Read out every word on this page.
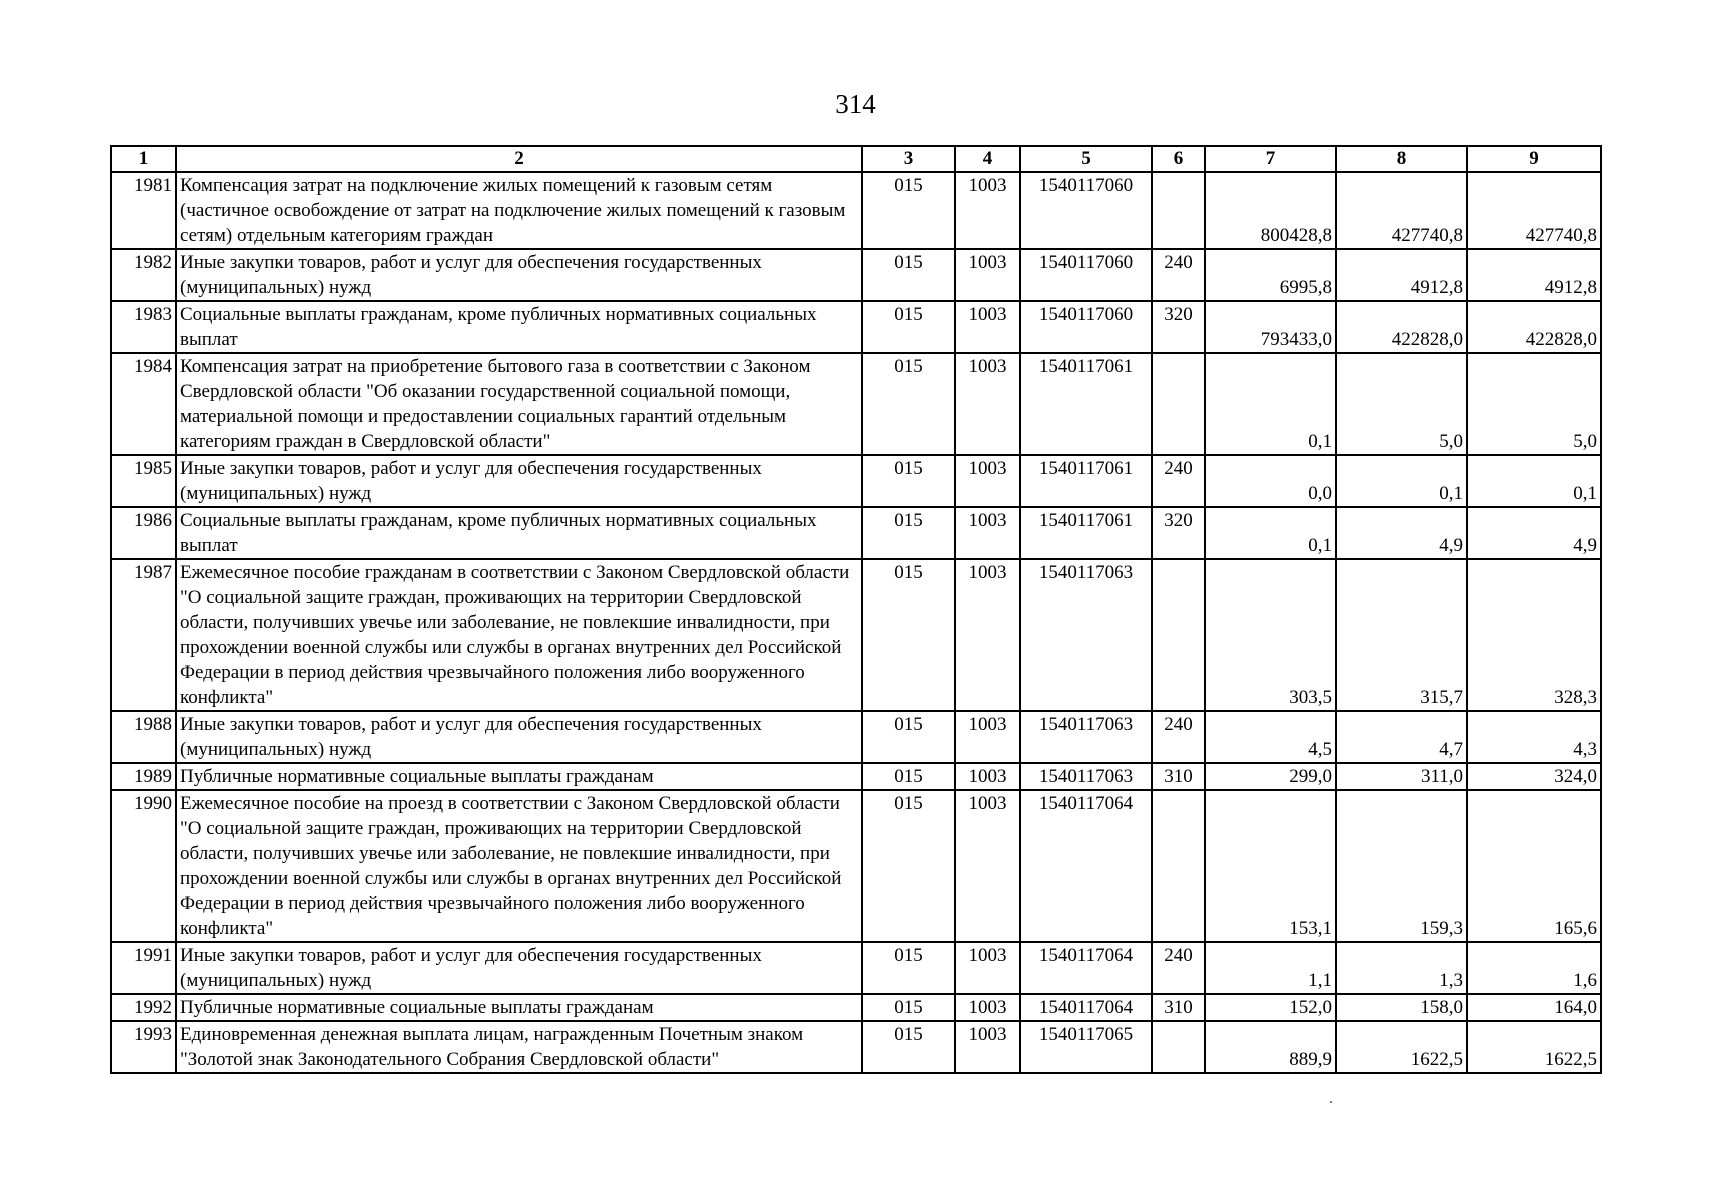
314
1	2	3	4	5	6	7	8	9
1981	Компенсация затрат на подключение жилых помещений к газовым сетям (частичное освобождение от затрат на подключение жилых помещений к газовым сетям) отдельным категориям граждан	015	1003	1540117060		800428,8	427740,8	427740,8
1982	Иные закупки товаров, работ и услуг для обеспечения государственных (муниципальных) нужд	015	1003	1540117060	240	6995,8	4912,8	4912,8
1983	Социальные выплаты гражданам, кроме публичных нормативных социальных выплат	015	1003	1540117060	320	793433,0	422828,0	422828,0
1984	Компенсация затрат на приобретение бытового газа в соответствии с Законом Свердловской области "Об оказании государственной социальной помощи, материальной помощи и предоставлении социальных гарантий отдельным категориям граждан в Свердловской области"	015	1003	1540117061		0,1	5,0	5,0
1985	Иные закупки товаров, работ и услуг для обеспечения государственных (муниципальных) нужд	015	1003	1540117061	240	0,0	0,1	0,1
1986	Социальные выплаты гражданам, кроме публичных нормативных социальных выплат	015	1003	1540117061	320	0,1	4,9	4,9
1987	Ежемесячное пособие гражданам в соответствии с Законом Свердловской области "О социальной защите граждан, проживающих на территории Свердловской области, получивших увечье или заболевание, не повлекшие инвалидности, при прохождении военной службы или службы в органах внутренних дел Российской Федерации в период действия чрезвычайного положения либо вооруженного конфликта"	015	1003	1540117063		303,5	315,7	328,3
1988	Иные закупки товаров, работ и услуг для обеспечения государственных (муниципальных) нужд	015	1003	1540117063	240	4,5	4,7	4,3
1989	Публичные нормативные социальные выплаты гражданам	015	1003	1540117063	310	299,0	311,0	324,0
1990	Ежемесячное пособие на проезд в соответствии с Законом Свердловской области "О социальной защите граждан, проживающих на территории Свердловской области, получивших увечье или заболевание, не повлекшие инвалидности, при прохождении военной службы или службы в органах внутренних дел Российской Федерации в период действия чрезвычайного положения либо вооруженного конфликта"	015	1003	1540117064		153,1	159,3	165,6
1991	Иные закупки товаров, работ и услуг для обеспечения государственных (муниципальных) нужд	015	1003	1540117064	240	1,1	1,3	1,6
1992	Публичные нормативные социальные выплаты гражданам	015	1003	1540117064	310	152,0	158,0	164,0
1993	Единовременная денежная выплата лицам, награжденным Почетным знаком "Золотой знак Законодательного Собрания Свердловской области"	015	1003	1540117065		889,9	1622,5	1622,5
